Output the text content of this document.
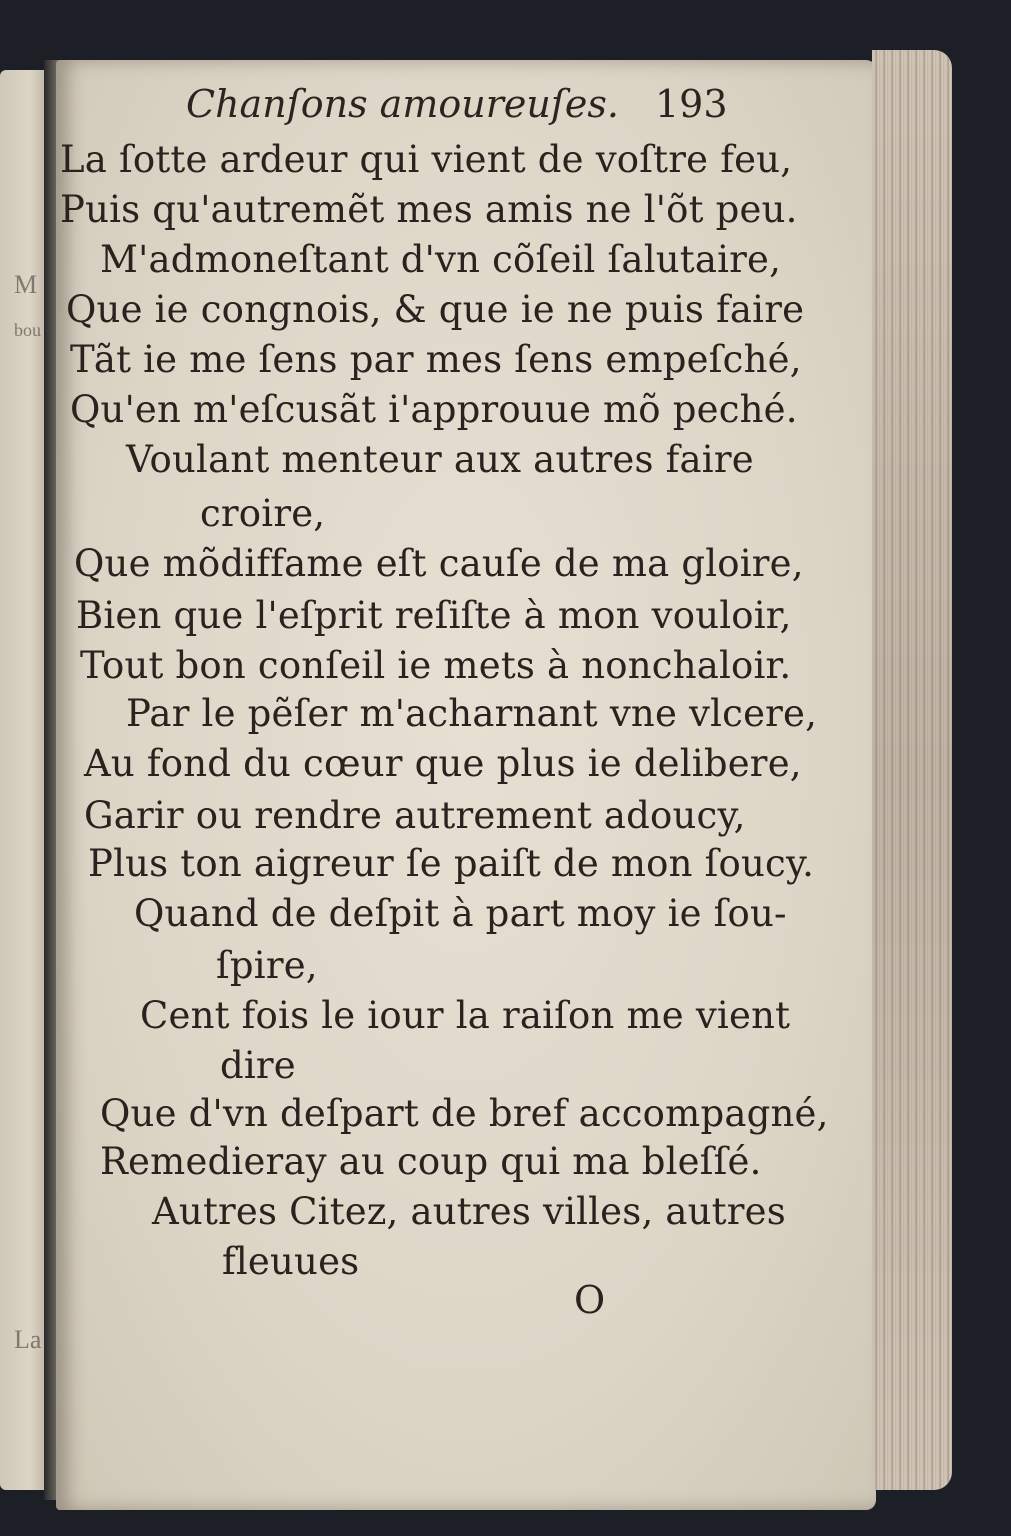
M
bou
La
Chanſons amoureuſes. 193
La ſotte ardeur qui vient de voſtre feu,
Puis qu'autremẽt mes amis ne l'õt peu.
M'admoneſtant d'vn cõſeil ſalutaire,
Que ie congnois, & que ie ne puis faire
Tãt ie me ſens par mes ſens empeſché,
Qu'en m'eſcusãt i'approuue mõ peché.
Voulant menteur aux autres faire
croire,
Que mõdiffame eſt cauſe de ma gloire,
Bien que l'eſprit reſiſte à mon vouloir,
Tout bon conſeil ie mets à nonchaloir.
Par le pẽſer m'acharnant vne vlcere,
Au fond du cœur que plus ie delibere,
Garir ou rendre autrement adoucy,
Plus ton aigreur ſe paiſt de mon ſoucy.
Quand de deſpit à part moy ie ſou-
ſpire,
Cent fois le iour la raiſon me vient
dire
Que d'vn deſpart de bref accompagné,
Remedieray au coup qui ma bleſſé.
Autres Citez, autres villes, autres
fleuues
O
